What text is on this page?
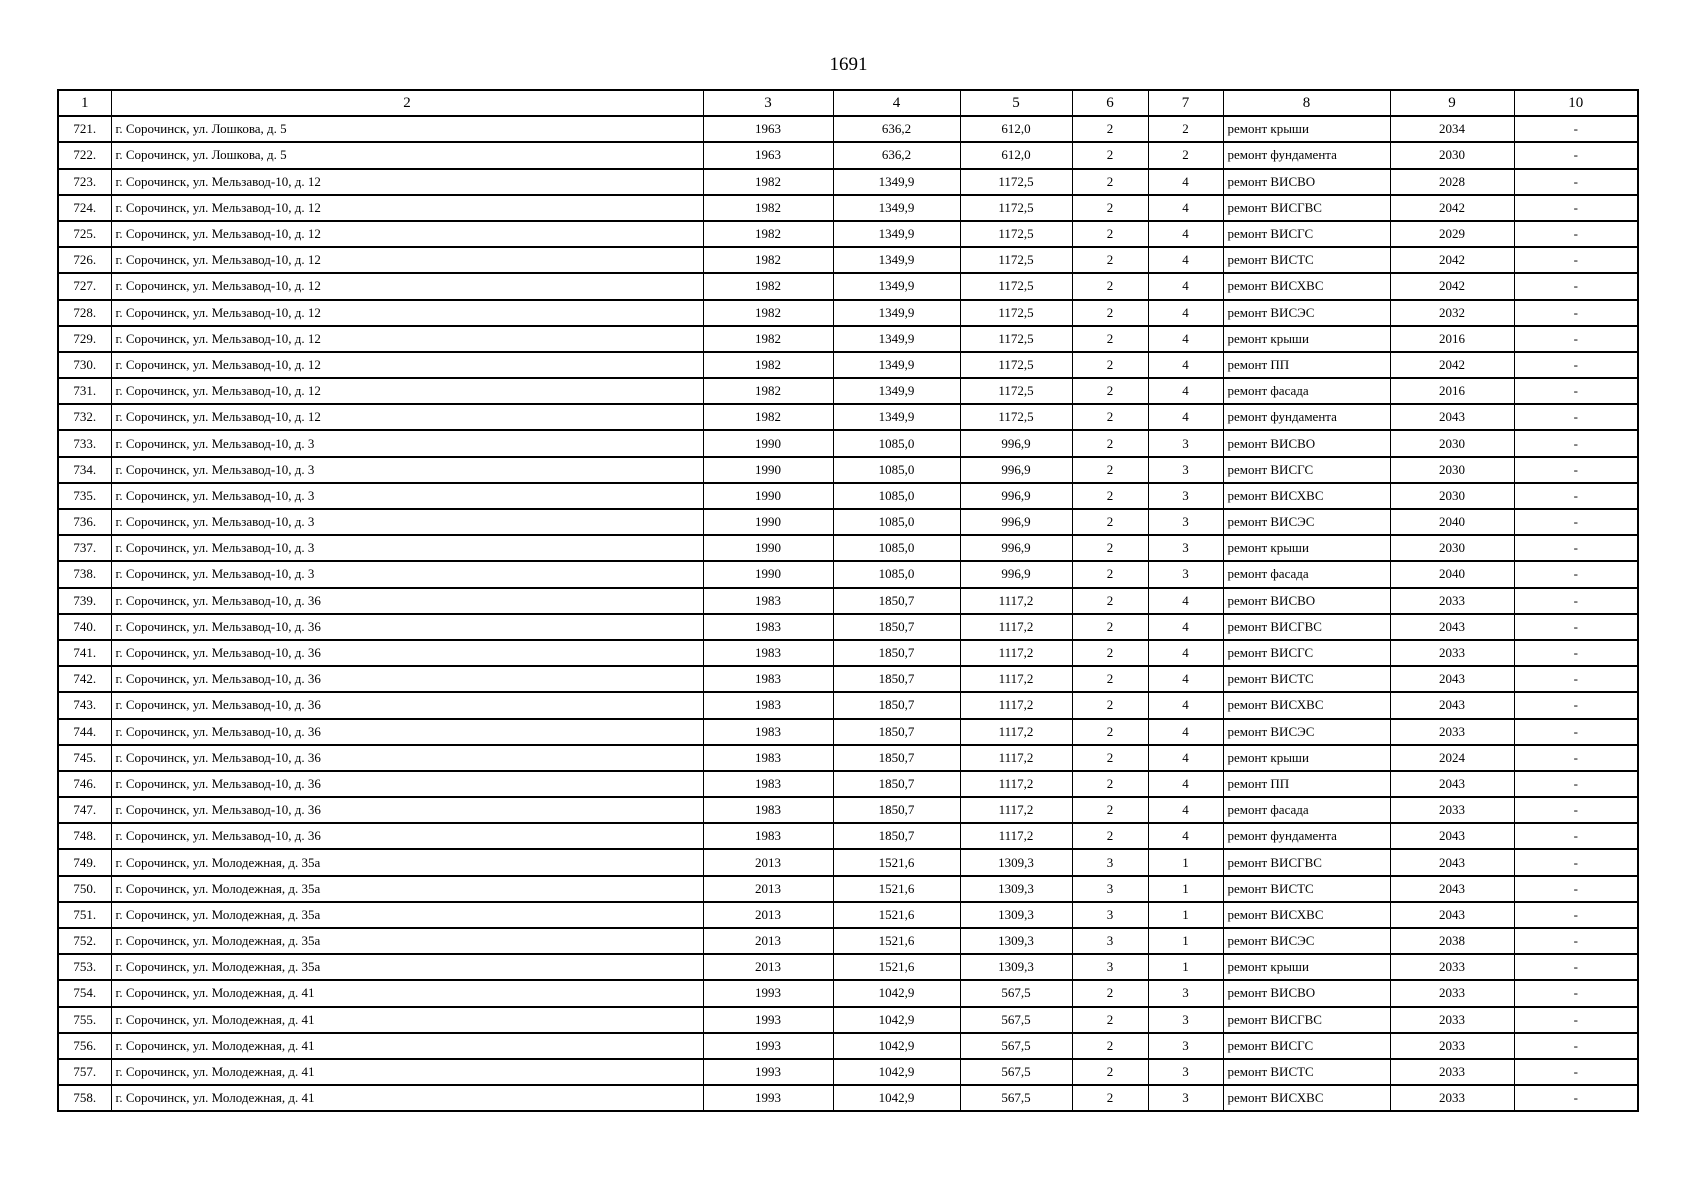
1691
1	2	3	4	5	6	7	8	9	10
721.	г. Сорочинск, ул. Лошкова, д. 5	1963	636,2	612,0	2	2	ремонт крыши	2034	-
722.	г. Сорочинск, ул. Лошкова, д. 5	1963	636,2	612,0	2	2	ремонт фундамента	2030	-
723.	г. Сорочинск, ул. Мельзавод-10, д. 12	1982	1349,9	1172,5	2	4	ремонт ВИСВО	2028	-
724.	г. Сорочинск, ул. Мельзавод-10, д. 12	1982	1349,9	1172,5	2	4	ремонт ВИСГВС	2042	-
725.	г. Сорочинск, ул. Мельзавод-10, д. 12	1982	1349,9	1172,5	2	4	ремонт ВИСГС	2029	-
726.	г. Сорочинск, ул. Мельзавод-10, д. 12	1982	1349,9	1172,5	2	4	ремонт ВИСТС	2042	-
727.	г. Сорочинск, ул. Мельзавод-10, д. 12	1982	1349,9	1172,5	2	4	ремонт ВИСХВС	2042	-
728.	г. Сорочинск, ул. Мельзавод-10, д. 12	1982	1349,9	1172,5	2	4	ремонт ВИСЭС	2032	-
729.	г. Сорочинск, ул. Мельзавод-10, д. 12	1982	1349,9	1172,5	2	4	ремонт крыши	2016	-
730.	г. Сорочинск, ул. Мельзавод-10, д. 12	1982	1349,9	1172,5	2	4	ремонт ПП	2042	-
731.	г. Сорочинск, ул. Мельзавод-10, д. 12	1982	1349,9	1172,5	2	4	ремонт фасада	2016	-
732.	г. Сорочинск, ул. Мельзавод-10, д. 12	1982	1349,9	1172,5	2	4	ремонт фундамента	2043	-
733.	г. Сорочинск, ул. Мельзавод-10, д. 3	1990	1085,0	996,9	2	3	ремонт ВИСВО	2030	-
734.	г. Сорочинск, ул. Мельзавод-10, д. 3	1990	1085,0	996,9	2	3	ремонт ВИСГС	2030	-
735.	г. Сорочинск, ул. Мельзавод-10, д. 3	1990	1085,0	996,9	2	3	ремонт ВИСХВС	2030	-
736.	г. Сорочинск, ул. Мельзавод-10, д. 3	1990	1085,0	996,9	2	3	ремонт ВИСЭС	2040	-
737.	г. Сорочинск, ул. Мельзавод-10, д. 3	1990	1085,0	996,9	2	3	ремонт крыши	2030	-
738.	г. Сорочинск, ул. Мельзавод-10, д. 3	1990	1085,0	996,9	2	3	ремонт фасада	2040	-
739.	г. Сорочинск, ул. Мельзавод-10, д. 36	1983	1850,7	1117,2	2	4	ремонт ВИСВО	2033	-
740.	г. Сорочинск, ул. Мельзавод-10, д. 36	1983	1850,7	1117,2	2	4	ремонт ВИСГВС	2043	-
741.	г. Сорочинск, ул. Мельзавод-10, д. 36	1983	1850,7	1117,2	2	4	ремонт ВИСГС	2033	-
742.	г. Сорочинск, ул. Мельзавод-10, д. 36	1983	1850,7	1117,2	2	4	ремонт ВИСТС	2043	-
743.	г. Сорочинск, ул. Мельзавод-10, д. 36	1983	1850,7	1117,2	2	4	ремонт ВИСХВС	2043	-
744.	г. Сорочинск, ул. Мельзавод-10, д. 36	1983	1850,7	1117,2	2	4	ремонт ВИСЭС	2033	-
745.	г. Сорочинск, ул. Мельзавод-10, д. 36	1983	1850,7	1117,2	2	4	ремонт крыши	2024	-
746.	г. Сорочинск, ул. Мельзавод-10, д. 36	1983	1850,7	1117,2	2	4	ремонт ПП	2043	-
747.	г. Сорочинск, ул. Мельзавод-10, д. 36	1983	1850,7	1117,2	2	4	ремонт фасада	2033	-
748.	г. Сорочинск, ул. Мельзавод-10, д. 36	1983	1850,7	1117,2	2	4	ремонт фундамента	2043	-
749.	г. Сорочинск, ул. Молодежная, д. 35а	2013	1521,6	1309,3	3	1	ремонт ВИСГВС	2043	-
750.	г. Сорочинск, ул. Молодежная, д. 35а	2013	1521,6	1309,3	3	1	ремонт ВИСТС	2043	-
751.	г. Сорочинск, ул. Молодежная, д. 35а	2013	1521,6	1309,3	3	1	ремонт ВИСХВС	2043	-
752.	г. Сорочинск, ул. Молодежная, д. 35а	2013	1521,6	1309,3	3	1	ремонт ВИСЭС	2038	-
753.	г. Сорочинск, ул. Молодежная, д. 35а	2013	1521,6	1309,3	3	1	ремонт крыши	2033	-
754.	г. Сорочинск, ул. Молодежная, д. 41	1993	1042,9	567,5	2	3	ремонт ВИСВО	2033	-
755.	г. Сорочинск, ул. Молодежная, д. 41	1993	1042,9	567,5	2	3	ремонт ВИСГВС	2033	-
756.	г. Сорочинск, ул. Молодежная, д. 41	1993	1042,9	567,5	2	3	ремонт ВИСГС	2033	-
757.	г. Сорочинск, ул. Молодежная, д. 41	1993	1042,9	567,5	2	3	ремонт ВИСТС	2033	-
758.	г. Сорочинск, ул. Молодежная, д. 41	1993	1042,9	567,5	2	3	ремонт ВИСХВС	2033	-
